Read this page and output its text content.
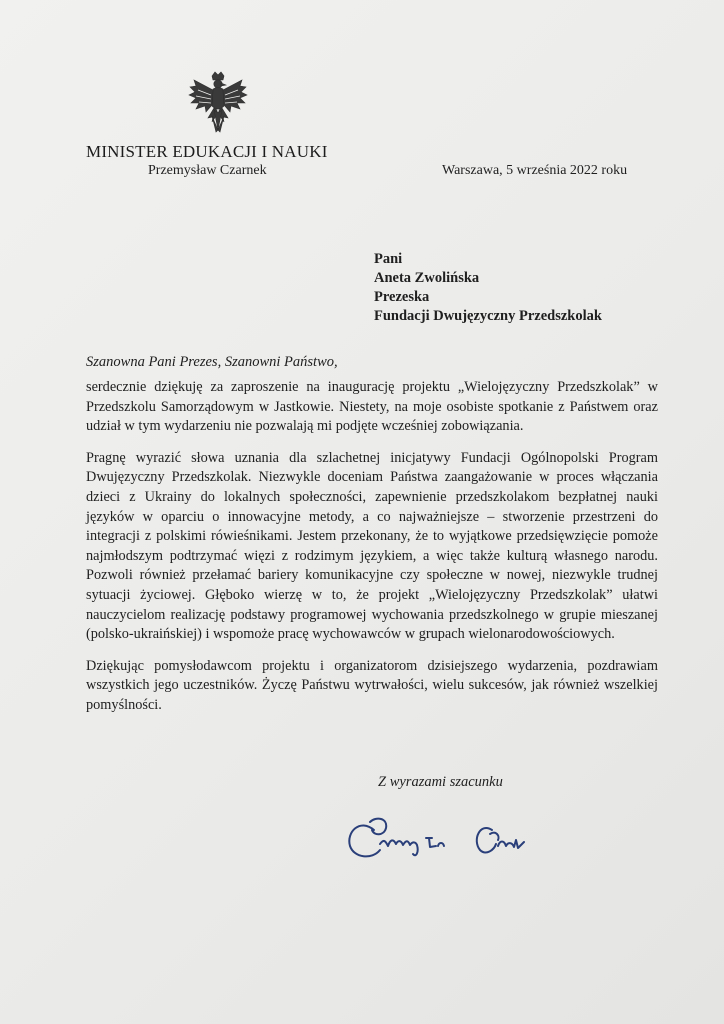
MINISTER EDUKACJI I NAUKI
Przemysław Czarnek	Warszawa, 5 września 2022 roku
Pani
Aneta Zwolińska
Prezeska
Fundacji Dwujęzyczny Przedszkolak
Szanowna Pani Prezes, Szanowni Państwo,

serdecznie dziękuję za zaproszenie na inaugurację projektu „Wielojęzyczny Przedszkolak” w Przedszkolu Samorządowym w Jastkowie. Niestety, na moje osobiste spotkanie z Państwem oraz udział w tym wydarzeniu nie pozwalają mi podjęte wcześniej zobowiązania.

Pragnę wyrazić słowa uznania dla szlachetnej inicjatywy Fundacji Ogólnopolski Program Dwujęzyczny Przedszkolak. Niezwykle doceniam Państwa zaangażowanie w proces włączania dzieci z Ukrainy do lokalnych społeczności, zapewnienie przedszkolakom bezpłatnej nauki języków w oparciu o innowacyjne metody, a co najważniejsze – stworzenie przestrzeni do integracji z polskimi rówieśnikami. Jestem przekonany, że to wyjątkowe przedsięwzięcie pomoże najmłodszym podtrzymać więzi z rodzimym językiem, a więc także kulturą własnego narodu. Pozwoli również przełamać bariery komunikacyjne czy społeczne w nowej, niezwykle trudnej sytuacji życiowej. Głęboko wierzę w to, że projekt „Wielojęzyczny Przedszkolak” ułatwi nauczycielom realizację podstawy programowej wychowania przedszkolnego w grupie mieszanej (polsko-ukraińskiej) i wspomoże pracę wychowawców w grupach wielonarodowościowych.

Dziękując pomysłodawcom projektu i organizatorom dzisiejszego wydarzenia, pozdrawiam wszystkich jego uczestników. Życzę Państwu wytrwałości, wielu sukcesów, jak również wszelkiej pomyślności.

Z wyrazami szacunku
